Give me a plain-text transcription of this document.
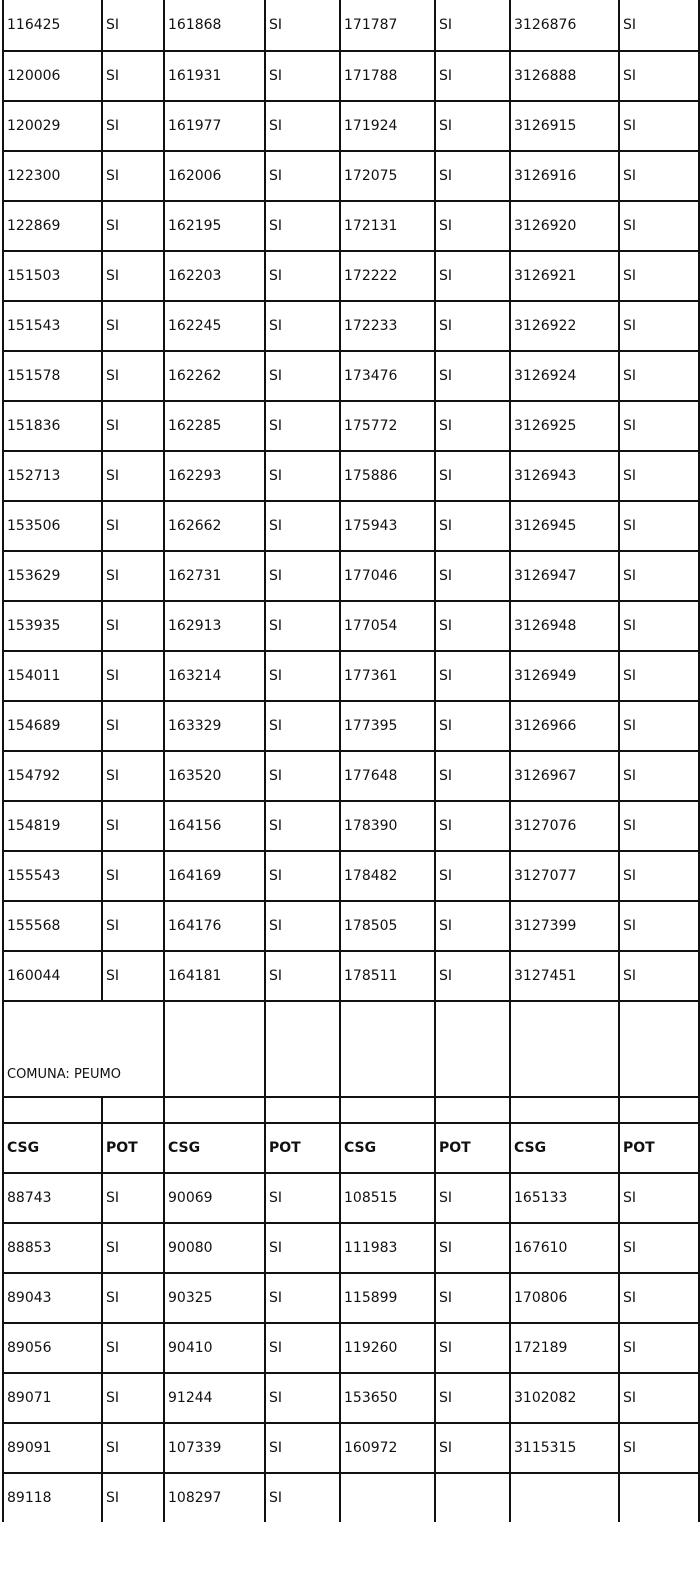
116425	SI	161868	SI	171787	SI	3126876	SI
120006	SI	161931	SI	171788	SI	3126888	SI
120029	SI	161977	SI	171924	SI	3126915	SI
122300	SI	162006	SI	172075	SI	3126916	SI
122869	SI	162195	SI	172131	SI	3126920	SI
151503	SI	162203	SI	172222	SI	3126921	SI
151543	SI	162245	SI	172233	SI	3126922	SI
151578	SI	162262	SI	173476	SI	3126924	SI
151836	SI	162285	SI	175772	SI	3126925	SI
152713	SI	162293	SI	175886	SI	3126943	SI
153506	SI	162662	SI	175943	SI	3126945	SI
153629	SI	162731	SI	177046	SI	3126947	SI
153935	SI	162913	SI	177054	SI	3126948	SI
154011	SI	163214	SI	177361	SI	3126949	SI
154689	SI	163329	SI	177395	SI	3126966	SI
154792	SI	163520	SI	177648	SI	3126967	SI
154819	SI	164156	SI	178390	SI	3127076	SI
155543	SI	164169	SI	178482	SI	3127077	SI
155568	SI	164176	SI	178505	SI	3127399	SI
160044	SI	164181	SI	178511	SI	3127451	SI
COMUNA: PEUMO							

CSG	POT	CSG	POT	CSG	POT	CSG	POT
88743	SI	90069	SI	108515	SI	165133	SI
88853	SI	90080	SI	111983	SI	167610	SI
89043	SI	90325	SI	115899	SI	170806	SI
89056	SI	90410	SI	119260	SI	172189	SI
89071	SI	91244	SI	153650	SI	3102082	SI
89091	SI	107339	SI	160972	SI	3115315	SI
89118	SI	108297	SI				
